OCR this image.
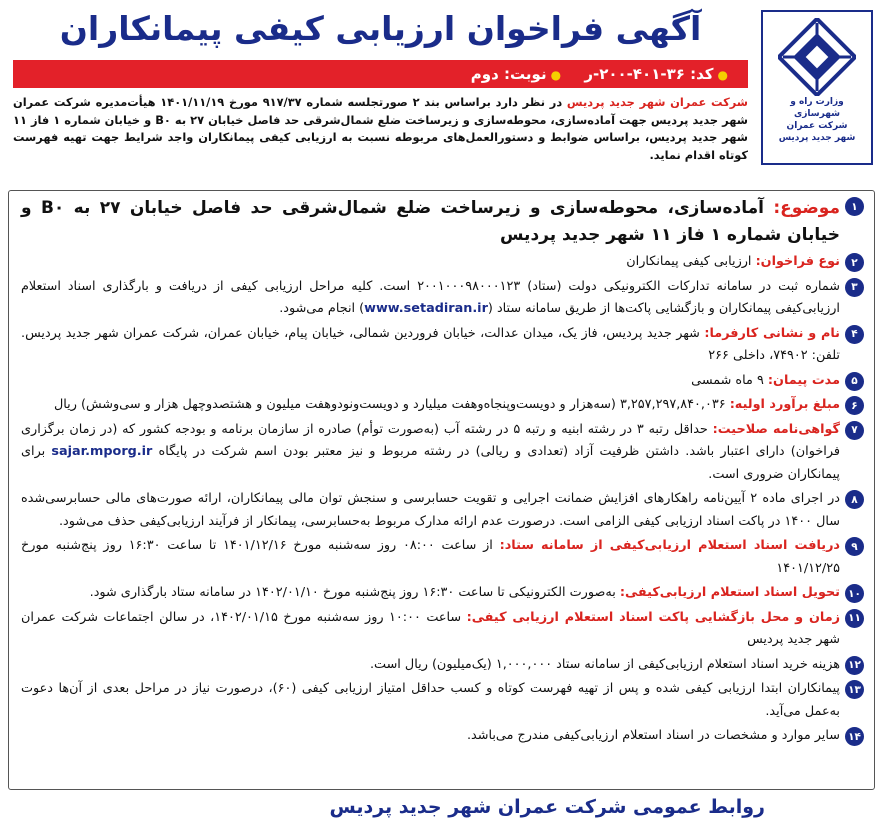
وزارت راه و شهرسازی
شرکت عمران
شهر جدید پردیس
آگهی فراخوان ارزیابی کیفی پیمانکاران
●کد: ۳۶-۴۰۱-۲۰۰-ر ●نوبت: دوم
شرکت عمران شهر جدید پردیس در نظر دارد براساس بند ۲ صورتجلسه شماره ۹۱۷/۳۷ مورخ ۱۴۰۱/۱۱/۱۹ هیأت‌مدیره شرکت عمران شهر جدید پردیس جهت آماده‌سازی، محوطه‌سازی و زیرساخت ضلع شمال‌شرقی حد فاصل خیابان ۲۷ به B۰ و خیابان شماره ۱ فاز ۱۱ شهر جدید پردیس، براساس ضوابط و دستورالعمل‌های مربوطه نسبت به ارزیابی کیفی پیمانکاران واجد شرایط جهت تهیه فهرست کوتاه اقدام نماید.
۱
موضوع: آماده‌سازی، محوطه‌سازی و زیرساخت ضلع شمال‌شرقی حد فاصل خیابان ۲۷ به B۰ و خیابان شماره ۱ فاز ۱۱ شهر جدید پردیس
۲
نوع فراخوان: ارزیابی کیفی پیمانکاران
۳
شماره ثبت در سامانه تدارکات الکترونیکی دولت (ستاد) ۲۰۰۱۰۰۰۹۸۰۰۰۱۲۳ است. کلیه مراحل ارزیابی کیفی از دریافت و بارگذاری اسناد استعلام ارزیابی‌کیفی پیمانکاران و بازگشایی پاکت‌ها از طریق سامانه ستاد (www.setadiran.ir) انجام می‌شود.
۴
نام و نشانی کارفرما: شهر جدید پردیس، فاز یک، میدان عدالت، خیابان فروردین شمالی، خیابان پیام، خیابان عمران، شرکت عمران شهر جدید پردیس. تلفن: ۷۴۹۰۲، داخلی ۲۶۶
۵
مدت پیمان: ۹ ماه شمسی
۶
مبلغ برآورد اولیه: ۳,۲۵۷,۲۹۷,۸۴۰,۰۳۶ (سه‌هزار و دویست‌و‌پنجاه‌و‌هفت میلیارد و دویست‌و‌نود‌و‌هفت میلیون و هشتصد‌و‌چهل هزار و سی‌و‌شش) ریال
۷
گواهی‌نامه صلاحیت: حداقل رتبه ۳ در رشته ابنیه و رتبه ۵ در رشته آب (به‌صورت توأم) صادره از سازمان برنامه و بودجه کشور که (در زمان برگزاری فراخوان) دارای اعتبار باشد. داشتن ظرفیت آزاد (تعدادی و ریالی) در رشته مربوط و نیز معتبر بودن اسم شرکت در پایگاه sajar.mporg.ir برای پیمانکاران ضروری است.
۸
در اجرای ماده ۲ آیین‌نامه راهکارهای افزایش ضمانت اجرایی و تقویت حسابرسی و سنجش توان مالی پیمانکاران، ارائه صورت‌های مالی حسابرسی‌شده سال ۱۴۰۰ در پاکت اسناد ارزیابی کیفی الزامی است. درصورت عدم ارائه مدارک مربوط به‌حسابرسی، پیمانکار از فرآیند ارزیابی‌کیفی حذف می‌شود.
۹
دریافت اسناد استعلام ارزیابی‌کیفی از سامانه ستاد: از ساعت ۰۸:۰۰ روز سه‌شنبه مورخ ۱۴۰۱/۱۲/۱۶ تا ساعت ۱۶:۳۰ روز پنج‌شنبه مورخ ۱۴۰۱/۱۲/۲۵
۱۰
تحویل اسناد استعلام ارزیابی‌کیفی: به‌صورت الکترونیکی تا ساعت ۱۶:۳۰ روز پنج‌شنبه مورخ ۱۴۰۲/۰۱/۱۰ در سامانه ستاد بارگذاری شود.
۱۱
زمان و محل بازگشایی پاکت اسناد استعلام ارزیابی کیفی: ساعت ۱۰:۰۰ روز سه‌شنبه مورخ ۱۴۰۲/۰۱/۱۵، در سالن اجتماعات شرکت عمران شهر جدید پردیس
۱۲
هزینه خرید اسناد استعلام ارزیابی‌کیفی از سامانه ستاد ۱,۰۰۰,۰۰۰ (یک‌میلیون) ریال است.
۱۳
پیمانکاران ابتدا ارزیابی کیفی شده و پس از تهیه فهرست کوتاه و کسب حداقل امتیاز ارزیابی کیفی (۶۰)، درصورت نیاز در مراحل بعدی از آن‌ها دعوت به‌عمل می‌آید.
۱۴
سایر موارد و مشخصات در اسناد استعلام ارزیابی‌کیفی مندرج می‌باشد.
روابط عمومی شرکت عمران شهر جدید پردیس
